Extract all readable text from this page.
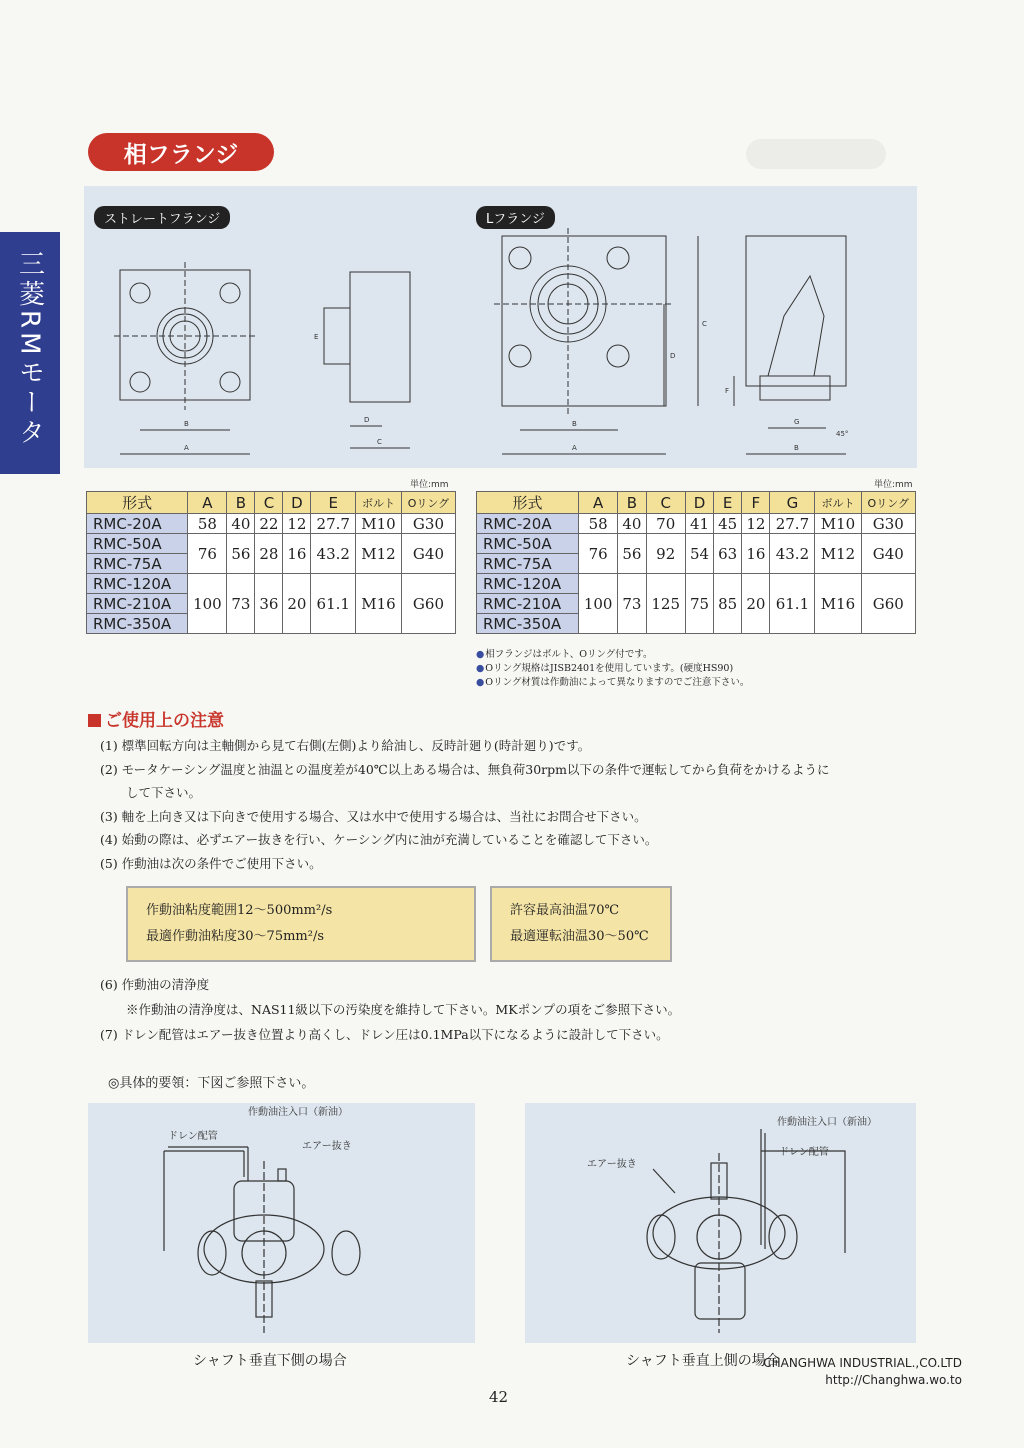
三菱RMモータ
相フランジ
ストレートフランジ	Lフランジ
B
A
D
C
E
B
A
C
D
F
G
B
45°
単位:mm	単位:mm
形式	A	B	C	D	E	ボルト	Oリング
RMC-20A	58	40	22	12	27.7	M10	G30
RMC-50A	76	56	28	16	43.2	M12	G40
RMC-75A							
RMC-120A	100	73	36	20	61.1	M16	G60
RMC-210A							
RMC-350A							
形式	A	B	C	D	E	F	G	ボルト	Oリング
RMC-20A	58	40	70	41	45	12	27.7	M10	G30
RMC-50A	76	56	92	54	63	16	43.2	M12	G40
RMC-75A									
RMC-120A	100	73	125	75	85	20	61.1	M16	G60
RMC-210A									
RMC-350A									
● 相フランジはボルト、Oリング付です。
● Oリング規格はJISB2401を使用しています。(硬度HS90)
● Oリング材質は作動油によって異なりますのでご注意下さい。
ご使用上の注意
(1) 標準回転方向は主軸側から見て右側(左側)より給油し、反時計廻り(時計廻り)です。
(2) モータケーシング温度と油温との温度差が40℃以上ある場合は、無負荷30rpm以下の条件で運転してから負荷をかけるように
して下さい。
(3) 軸を上向き又は下向きで使用する場合、又は水中で使用する場合は、当社にお問合せ下さい。
(4) 始動の際は、必ずエアー抜きを行い、ケーシング内に油が充満していることを確認して下さい。
(5) 作動油は次の条件でご使用下さい。
作動油粘度範囲12〜500mm²/s
最適作動油粘度30〜75mm²/s
許容最高油温70℃
最適運転油温30〜50℃
(6) 作動油の清浄度
※作動油の清浄度は、NAS11級以下の汚染度を維持して下さい。MKポンプの項をご参照下さい。
(7) ドレン配管はエアー抜き位置より高くし、ドレン圧は0.1MPa以下になるように設計して下さい。
◎具体的要領：下図ご参照下さい。
作動油注入口（新油）
ドレン配管
エアー抜き
作動油注入口（新油）
ドレン配管
エアー抜き
シャフト垂直下側の場合	シャフト垂直上側の場合
CHANGHWA INDUSTRIAL.,CO.LTD
http://Changhwa.wo.to
42
